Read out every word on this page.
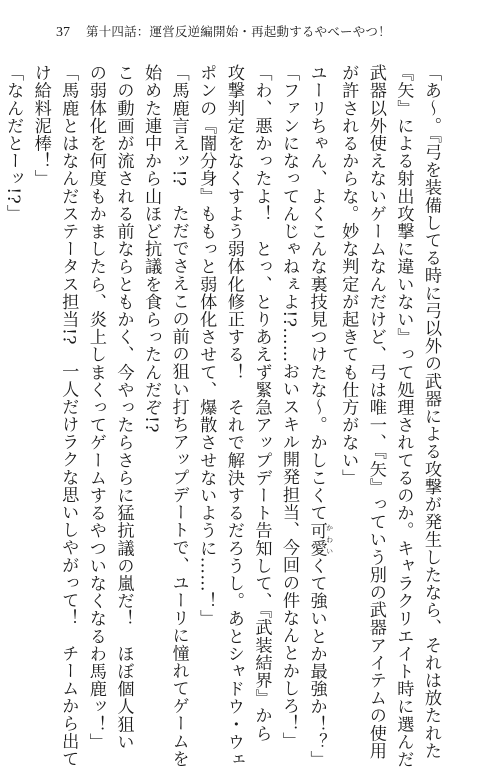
37 第十四話：運営反逆編開始・再起動するやべーやつ！
「あ〜。『弓を装備してる時に弓以外の武器による攻撃が発生したなら、それは放たれた
『矢』による射出攻撃に違いない』って処理されてるのか。キャラクリエイト時に選んだ
武器以外使えないゲームなんだけど、弓は唯一、『矢』っていう別の武器アイテムの使用
が許されるからな。妙な判定が起きても仕方がない」
ユーリちゃん、よくこんな裏技見つけたな〜。かしこくて可愛 かわいくて強いとか最強か！？」
「ファンになってんじゃねぇよ!?……おいスキル開発担当、今回の件なんとかしろ！」
「わ、悪かったよ！　とっ、とりあえず緊急アップデート告知して、『武装結界』から
攻撃判定をなくすよう弱体化修正する！　それで解決するだろうし。あとシャドウ・ウェ
ポンの『闇分身』ももっと弱体化させて、爆散させないように……！」
「馬鹿言えッ!?　ただでさえこの前の狙い打ちアップデートで、ユーリに憧れてゲームを
始めた連中から山ほど抗議を食らったんだぞ!?
この動画が流される前ならともかく、今やったらさらに猛抗議の嵐だ！　ほぼ個人狙い
の弱体化を何度もかましたら、炎上しまくってゲームするやついなくなるわ馬鹿ッ！」
「馬鹿とはなんだステータス担当!?　一人だけラクな思いしやがって！　チームから出て
け給料泥棒！」
「なんだとーッ!?」
